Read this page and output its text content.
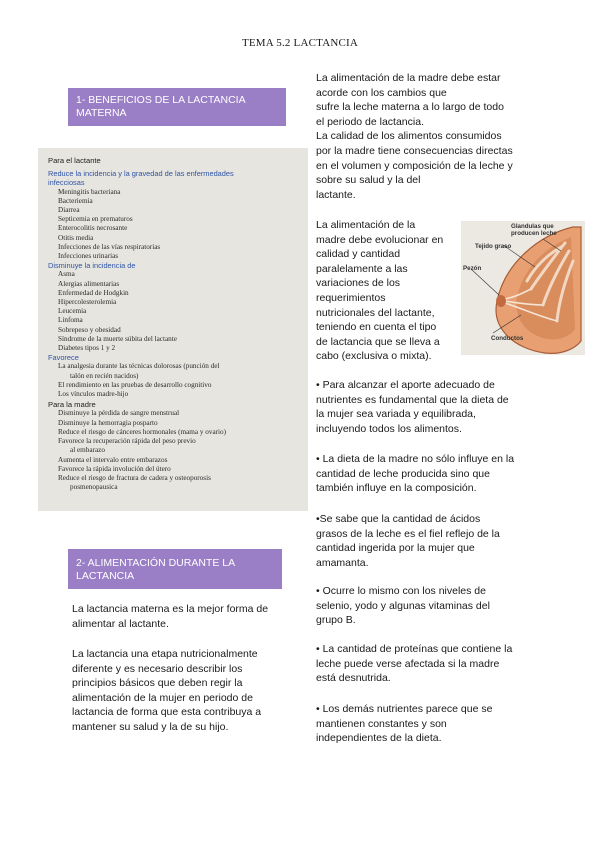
TEMA 5.2 LACTANCIA
1- BENEFICIOS DE LA LACTANCIA
MATERNA
Para el lactante
Reduce la incidencia y la gravedad de las enfermedades
infecciosas
Meningitis bacteriana
Bacteriemia
Diarrea
Septicemia en prematuros
Enterocolitis necrosante
Otitis media
Infecciones de las vías respiratorias
Infecciones urinarias
Disminuye la incidencia de
Asma
Alergias alimentarias
Enfermedad de Hodgkin
Hipercolesterolemia
Leucemia
Linfoma
Sobrepeso y obesidad
Síndrome de la muerte súbita del lactante
Diabetes tipos 1 y 2
Favorece
La analgesia durante las técnicas dolorosas (punción del
talón en recién nacidos)
El rendimiento en las pruebas de desarrollo cognitivo
Los vínculos madre-hijo
Para la madre
Disminuye la pérdida de sangre menstrual
Disminuye la hemorragia posparto
Reduce el riesgo de cánceres hormonales (mama y ovario)
Favorece la recuperación rápida del peso previo
al embarazo
Aumenta el intervalo entre embarazos
Favorece la rápida involución del útero
Reduce el riesgo de fractura de cadera y osteoporosis
posmenopausica
2- ALIMENTACIÓN DURANTE LA
LACTANCIA

La lactancia materna es la mejor forma de

alimentar al lactante.

La lactancia una etapa nutricionalmente

diferente y es necesario describir los

principios básicos que deben regir la

alimentación de la mujer en periodo de

lactancia de forma que esta contribuya a

mantener su salud y la de su hijo.

La alimentación de la madre debe estar

acorde con los cambios que

sufre la leche materna a lo largo de todo

el periodo de lactancia.

La calidad de los alimentos consumidos

por la madre tiene consecuencias directas

en el volumen y composición de la leche y

sobre su salud y la del

lactante.

La alimentación de la

madre debe evolucionar en

calidad y cantidad

paralelamente a las

variaciones de los

requerimientos

nutricionales del lactante,

teniendo en cuenta el tipo

de lactancia que se lleva a

cabo (exclusiva o mixta).

Glandulas que
producen leche
Tejido graso
Pezón
Conductos

• Para alcanzar el aporte adecuado de

nutrientes es fundamental que la dieta de

la mujer sea variada y equilibrada,

incluyendo todos los alimentos.

• La dieta de la madre no sólo influye en la

cantidad de leche producida sino que

también influye en la composición.

•Se sabe que la cantidad de ácidos

grasos de la leche es el fiel reflejo de la

cantidad ingerida por la mujer que

amamanta.

• Ocurre lo mismo con los niveles de

selenio, yodo y algunas vitaminas del

grupo B.

• La cantidad de proteínas que contiene la

leche puede verse afectada si la madre

está desnutrida.

• Los demás nutrientes parece que se

mantienen constantes y son

independientes de la dieta.
